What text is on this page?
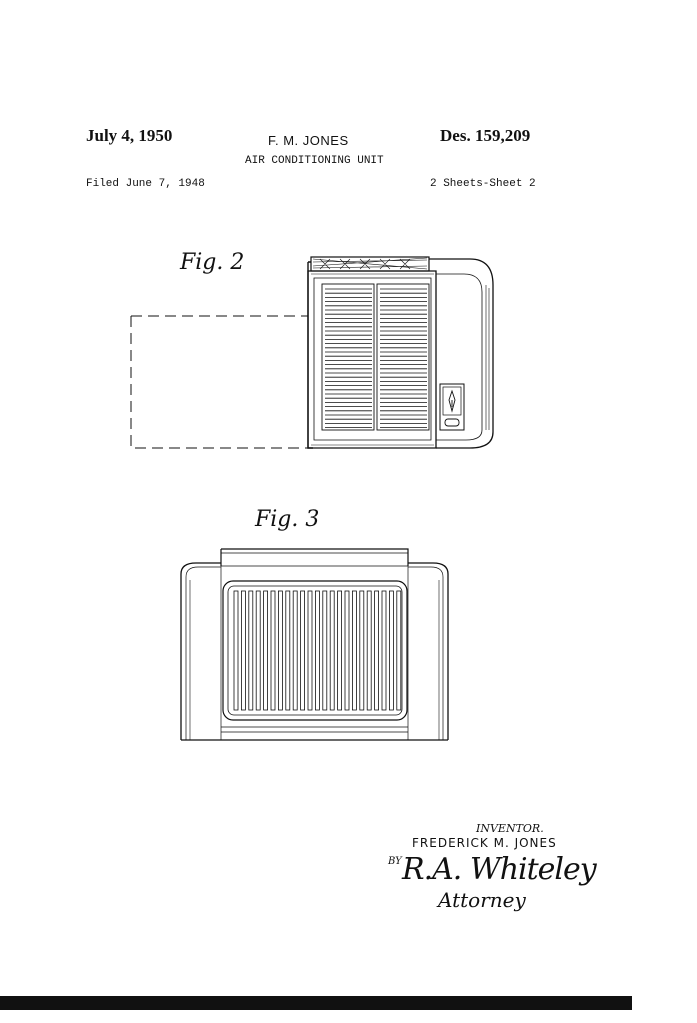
July 4, 1950	F. M. JONES	Des. 159,209
AIR CONDITIONING UNIT
Filed June 7, 1948	2 Sheets-Sheet 2
Fig. 2
Fig. 3
INVENTOR.
FREDERICK M. JONES
BY R.A. Whiteley
Attorney
